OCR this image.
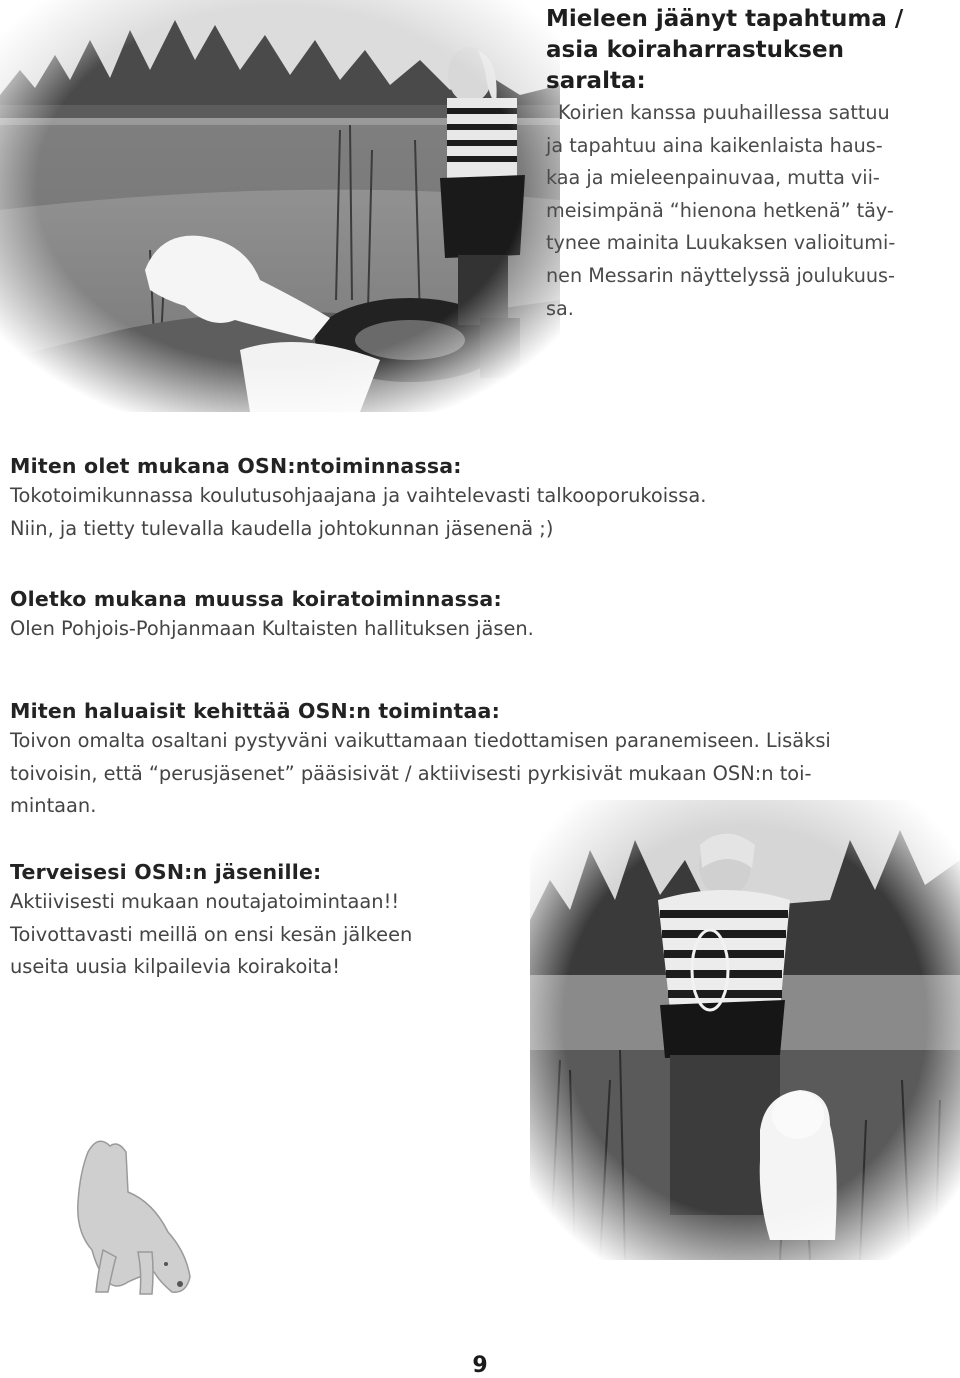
Mieleen jäänyt tapahtuma /
asia koiraharrastuksen
saralta:

Koirien kanssa puuhaillessa sattuu
ja tapahtuu aina kaikenlaista haus-
kaa ja mieleenpainuvaa, mutta vii-
meisimpänä “hienona hetkenä” täy-
tynee mainita Luukaksen valioitumi-
nen Messarin näyttelyssä joulukuus-
sa.

Miten olet mukana OSN:ntoiminnassa:

Tokotoimikunnassa koulutusohjaajana ja vaihtelevasti talkooporukoissa.
Niin, ja tietty tulevalla kaudella johtokunnan jäsenenä ;)

Oletko mukana muussa koiratoiminnassa:

Olen Pohjois-Pohjanmaan Kultaisten hallituksen jäsen.

Miten haluaisit kehittää OSN:n toimintaa:

Toivon omalta osaltani pystyväni vaikuttamaan tiedottamisen paranemiseen. Lisäksi
toivoisin, että “perusjäsenet” pääsisivät / aktiivisesti pyrkisivät mukaan OSN:n toi-
mintaan.

Terveisesi OSN:n jäsenille:

Aktiivisesti mukaan noutajatoimintaan!!
Toivottavasti meillä on ensi kesän jälkeen
useita uusia kilpailevia koirakoita!

9
